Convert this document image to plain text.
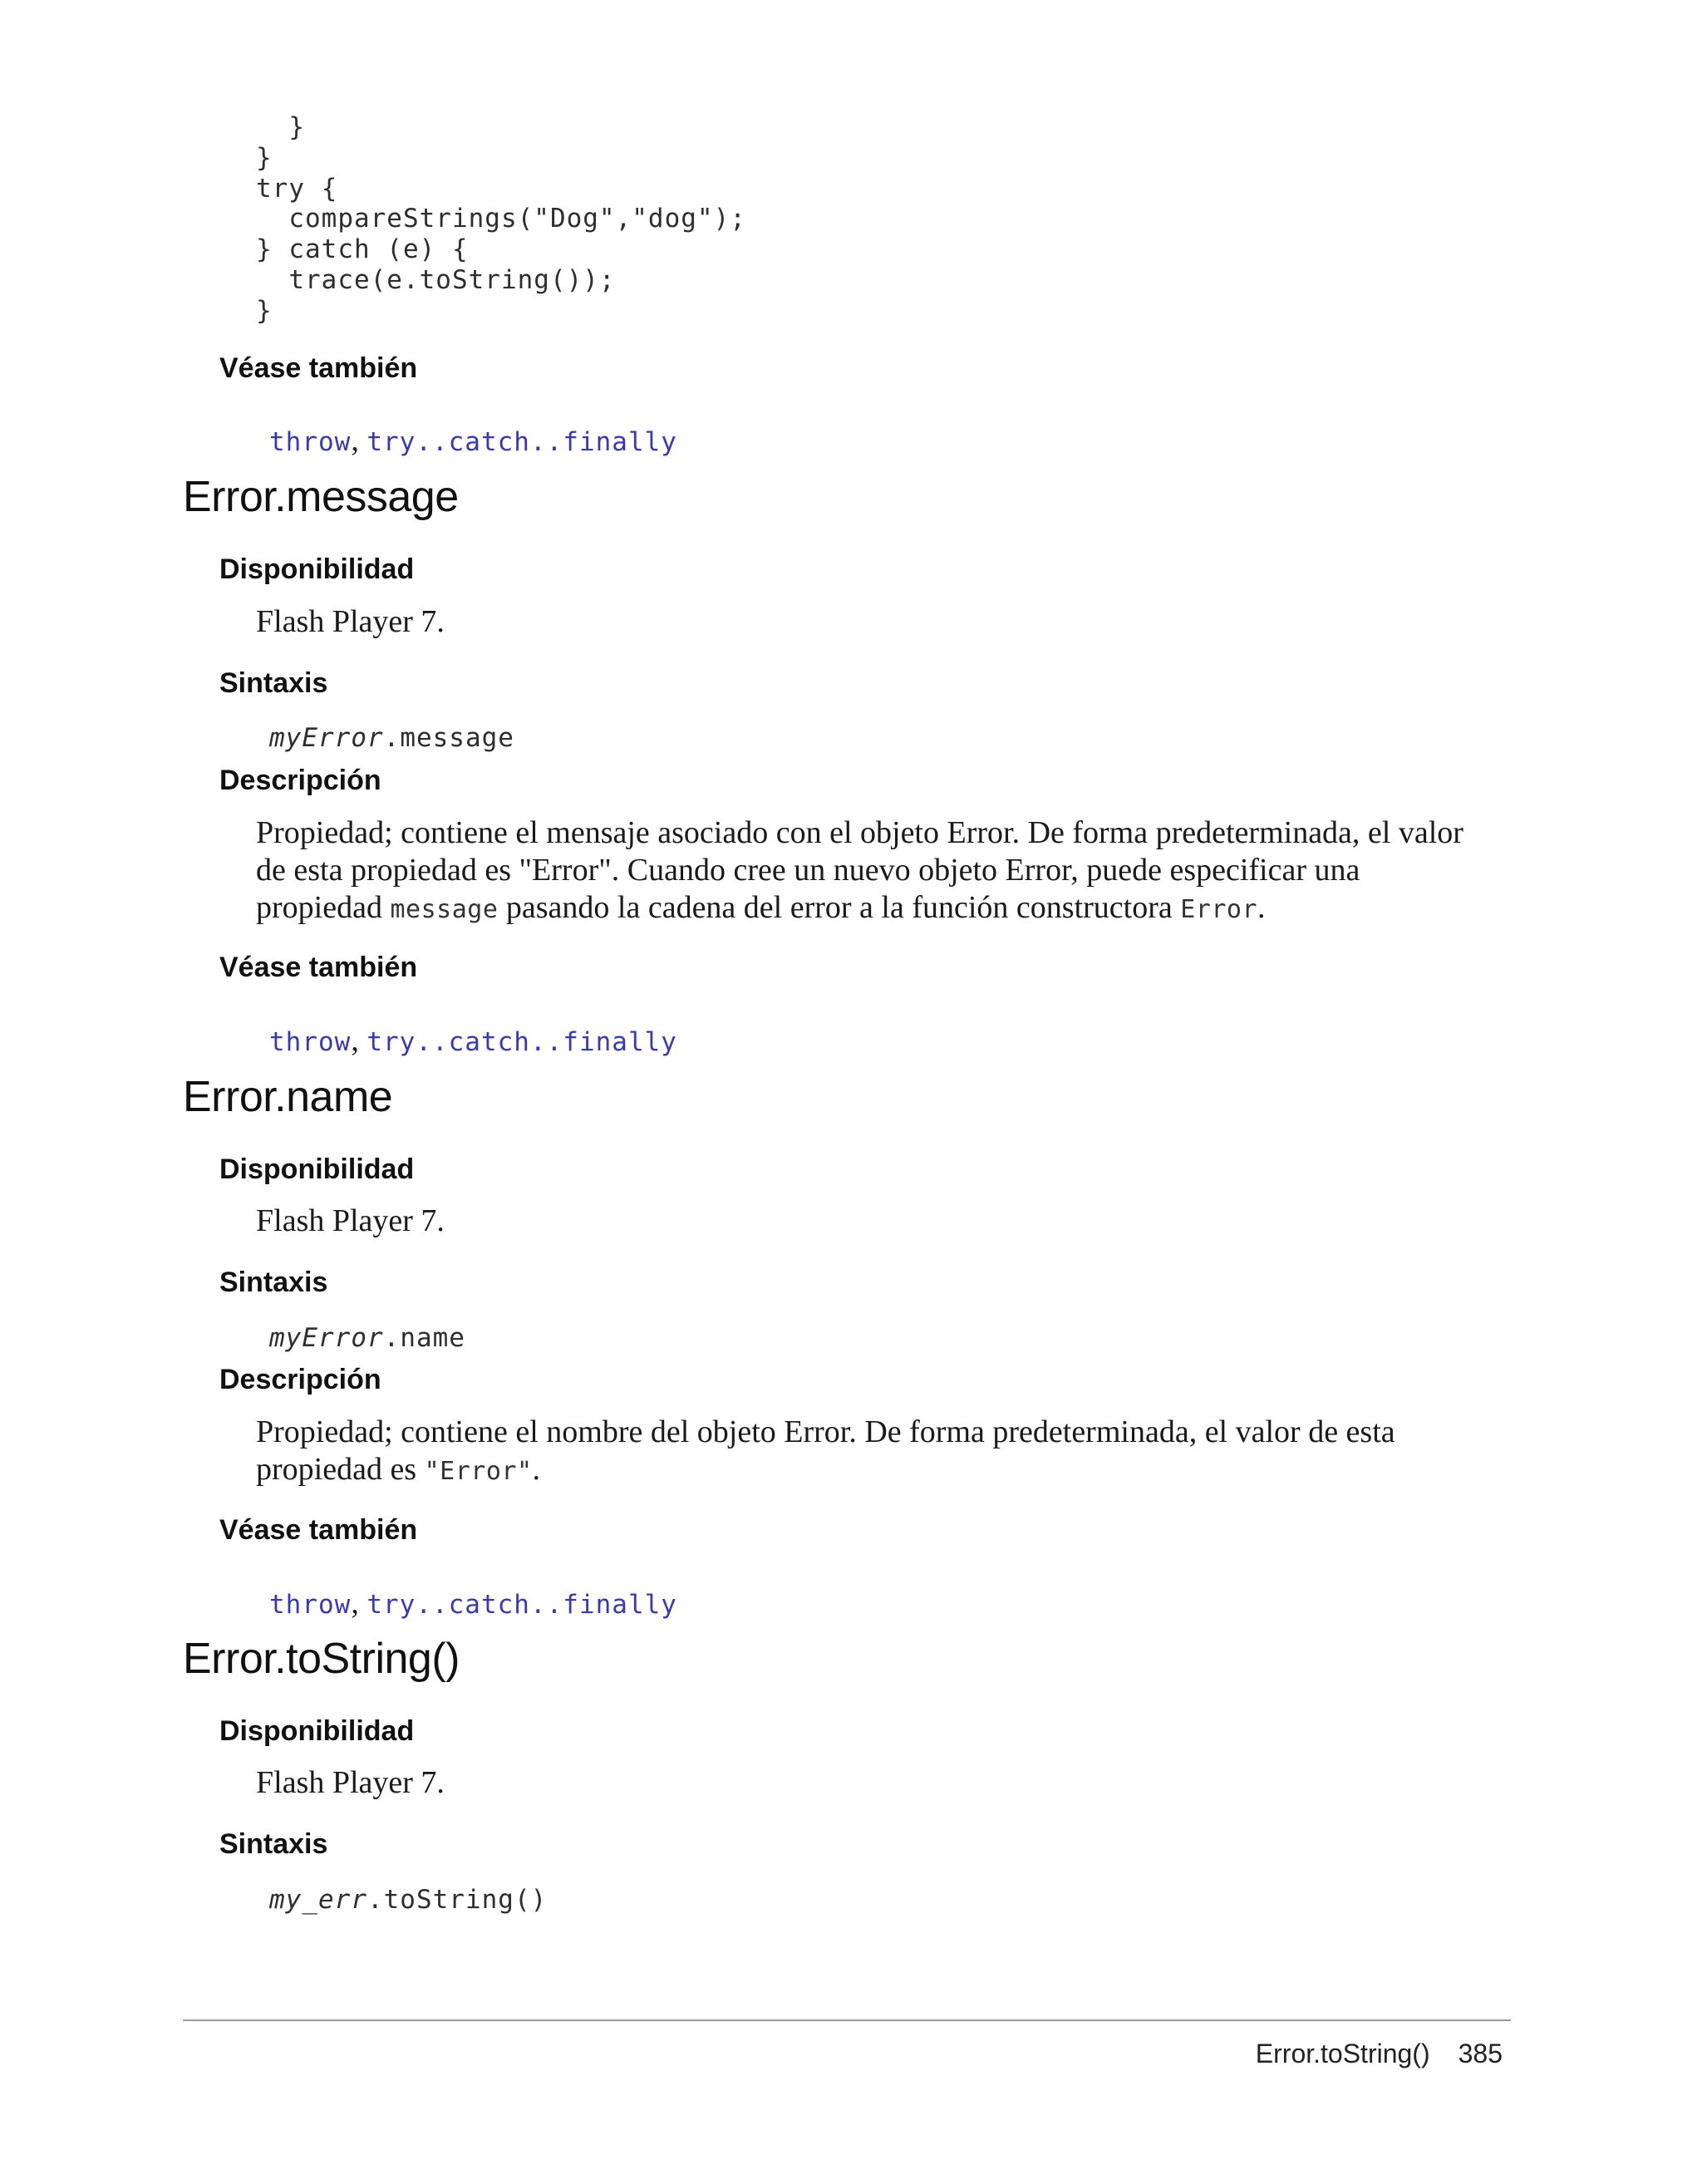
}
}
try {
compareStrings("Dog","dog");
} catch (e) {
trace(e.toString());
}
Véase también

throw, try..catch..finally

Error.message
Disponibilidad
Flash Player 7.
Sintaxis

myError.message

Descripción
Propiedad; contiene el mensaje asociado con el objeto Error. De forma predeterminada, el valor
de esta propiedad es "Error". Cuando cree un nuevo objeto Error, puede especificar una
propiedad message pasando la cadena del error a la función constructora Error.
Véase también

throw, try..catch..finally

Error.name
Disponibilidad
Flash Player 7.
Sintaxis

myError.name

Descripción
Propiedad; contiene el nombre del objeto Error. De forma predeterminada, el valor de esta
propiedad es "Error".
Véase también

throw, try..catch..finally

Error.toString()
Disponibilidad
Flash Player 7.
Sintaxis

my_err.toString()

Error.toString() 385
